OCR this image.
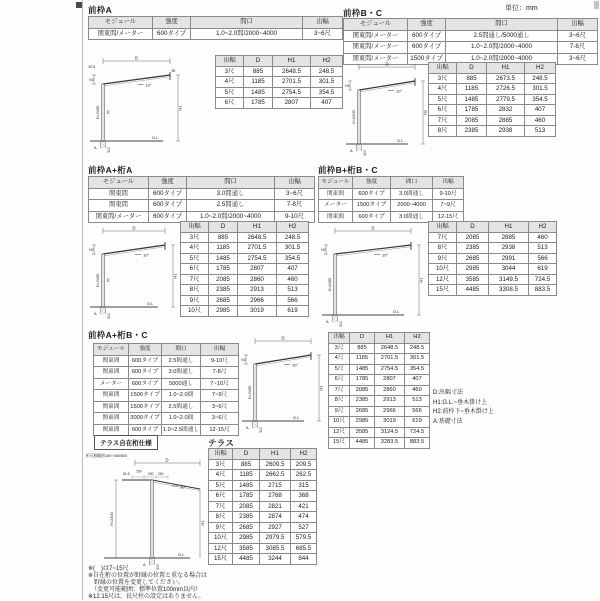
単位：mm
前枠A
モジュール	強度	間口	出幅
関東間/メーター	600タイプ	1.0~2.0間/2000~4000	3~6尺
D
10°
H1
H2
H=2400
92.5
95
70
G.L
A	300
出幅	D	H1	H2
3尺	885	2648.5	248.5
4尺	1185	2701.5	301.5
5尺	1485	2754.5	354.5
6尺	1785	2807	407
前枠B・C
モジュール	強度	間口	出幅
関東間/メーター	600タイプ	2.5間通し/5000通し	3~6尺
関東間/メーター	600タイプ	1.0~2.0間/2000~4000	7-8尺
関東間/メーター	1500タイプ	1.0~2.0間/2000~4000	3~6尺
D
10°
H1
H2
H=2400
G.L
A	300
出幅	D	H1	H2
3尺	885	2673.5	248.5
4尺	1185	2726.5	301.5
5尺	1485	2779.5	354.5
6尺	1785	2832	407
7尺	2085	2885	460
8尺	2385	2938	513
前枠A+桁A
モジュール	強度	間口	出幅
関東間	600タイプ	3.0間通し	3~6尺
関東間	600タイプ	2.5間通し	7-8尺
関東間/メーター	600タイプ	1.0~2.0間/2000~4000	9-10尺
D
10°
H1
H2
H=2400 70
G.L
A	300
出幅	D	H1	H2
3尺	885	2648.5	248.5
4尺	1185	2701.5	301.5
5尺	1485	2754.5	354.5
6尺	1785	2807	407
7尺	2085	2860	460
8尺	2385	2913	513
9尺	2685	2966	566
10尺	2985	3019	619
前枠B+桁B・C
モジュール	強度	間口	出幅
関東間	600タイプ	3.0間通し	9-10尺
メーター	1500タイプ	2000~4000	7~9尺
関東間	600タイプ	3.0間通し	12-15尺
D
10°
H1
H2
H=2400
G.L
A	300
出幅	D	H1	H2
7尺	2085	2885	460
8尺	2385	2938	513
9尺	2685	2991	566
10尺	2985	3044	619
12尺	3585	3149.5	724.5
15尺	4485	3308.5	883.5
前枠A+桁B・C
モジュール	強度	間口	出幅
関東間	600タイプ	2.5間通し	9-10尺
関東間	600タイプ	3.0間通し	7-8尺
メーター	600タイプ	5000通し	7~10尺
関東間	1500タイプ	1.0~2.0間	7~9尺
関東間	1500タイプ	2.5間通し	3~6尺
関東間	3000タイプ	1.0~2.0間	3~6尺
関東間	600タイプ	1.0~2.5間通し	12-15尺
D
10°
H1
H2
H=2400
G.L
A	300
出幅	D	H1	H2
3尺	885	2648.5	248.5
4尺	1185	2701.5	301.5
5尺	1485	2754.5	354.5
6尺	1785	2807	407
7尺	2085	2860	460
8尺	2385	2913	513
9尺	2685	2966	566
10尺	2985	3019	619
12尺	3585	3124.5	724.5
15尺	4485	3283.5	883.5
D:出幅寸法
H1:G.L.~垂木掛け上
H2:前枠下~垂木掛け上
A:基礎寸法
テラス自在桁仕様	テラス
出幅	D	H1	H2
3尺	885	2609.5	209.5
4尺	1185	2662.5	262.5
5尺	1485	2715	315
6尺	1785	2768	368
7尺	2085	2821	421
8尺	2385	2874	474
9尺	2685	2927	527
10尺	2985	2979.5	579.5
12尺	3585	3085.5	685.5
15尺	4485	3244	844
桁可動範囲150~450/500
D
51.8
150
200 200
10°
H=2400	H1
G.L
A	300
※(　)は7~15尺
※自在桁の位置が野縁の位置と重なる場合は
　野縁の位置を変更してください。
　（変更可能範囲：標準位置100mm以内）
※12.15尺は、長尺柱の設定はありません。
